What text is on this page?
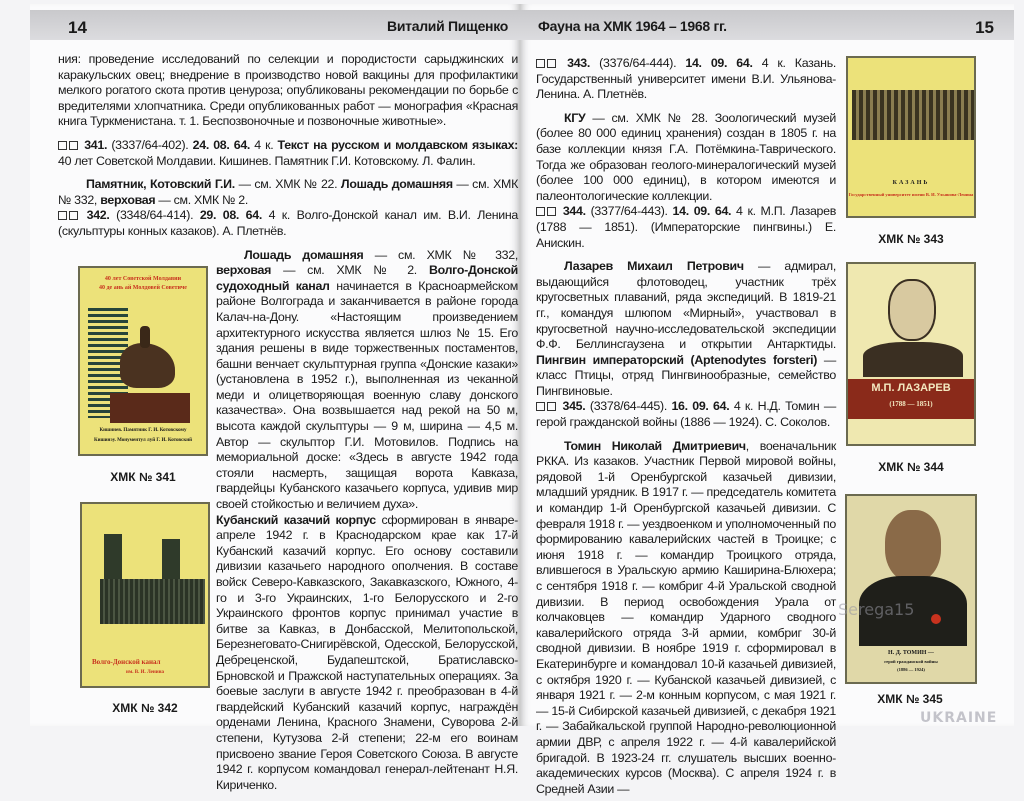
14	Виталий Пищенко

ния: проведение исследований по селекции и породистости сарыджинских и каракульских овец; внедрение в производство новой вакцины для профилактики мелкого рогатого скота против ценуроза; опубликованы рекомендации по борьбе с вредителями хлопчатника. Среди опубликованных работ — монография «Красная книга Туркменистана. т. 1. Беспозвоночные и позвоночные животные».

341. (3337/64-402). 24. 08. 64. 4 к. Текст на русском и молдавском языках: 40 лет Советской Молдавии. Кишинев. Памятник Г.И. Котовскому. Л. Фалин.

Памятник, Котовский Г.И. — см. ХМК № 22. Лошадь домашняя — см. ХМК № 332, верховая — см. ХМК № 2.

342. (3348/64-414). 29. 08. 64. 4 к. Волго-Донской канал им. В.И. Ленина (скульптуры конных казаков). А. Плетнёв.

Лошадь домашняя — см. ХМК № 332, верховая — см. ХМК № 2. Волго-Донской судоходный канал начинается в Красноармейском районе Волгограда и заканчивается в районе города Калач-на-Дону. «Настоящим произведением архитектурного искусства является шлюз № 15. Его здания решены в виде торжественных постаментов, башни венчает скульптурная группа «Донские казаки» (установлена в 1952 г.), выполненная из чеканной меди и олицетворяющая военную славу донского казачества». Она возвышается над рекой на 50 м, высота каждой скульптуры — 9 м, ширина — 4,5 м. Автор — скульптор Г.И. Мотовилов. Подпись на мемориальной доске: «Здесь в августе 1942 года стояли насмерть, защищая ворота Кавказа, гвардейцы Кубанского казачьего корпуса, удивив мир своей стойкостью и величием духа».

Кубанский казачий корпус сформирован в январе-апреле 1942 г. в Краснодарском крае как 17-й Кубанский казачий корпус. Его основу составили дивизии казачьего народного ополчения. В составе войск Северо-Кавказского, Закавказского, Южного, 4-го и 3-го Украинских, 1-го Белорусского и 2-го Украинского фронтов корпус принимал участие в битве за Кавказ, в Донбасской, Мелитопольской, Березнеговато-Снигирёвской, Одесской, Белорусской, Дебреценской, Будапештской, Братиславско-Брновской и Пражской наступательных операциях. За боевые заслуги в августе 1942 г. преобразован в 4-й гвардейский Кубанский казачий корпус, награждён орденами Ленина, Красного Знамени, Суворова 2-й степени, Кутузова 2-й степени; 22-м его воинам присвоено звание Героя Советского Союза. В августе 1942 г. корпусом командовал генерал-лейтенант Н.Я. Кириченко.

40 лет Советской Молдавии
40 де ань ай Молдовей Советиче
Кишинев. Памятник Г. И. Котовскому
Кишинэу. Монументул луй Г. И. Котовский
ХМК № 341
Волго-Донской канал
им. В. И. Ленина
ХМК № 342
Фауна на ХМК 1964 – 1968 гг.	15

343. (3376/64-444). 14. 09. 64. 4 к. Казань. Государственный университет имени В.И. Ульянова-Ленина. А. Плетнёв.

КГУ — см. ХМК № 28. Зоологический музей (более 80 000 единиц хранения) создан в 1805 г. на базе коллекции князя Г.А. Потёмкина-Таврического. Тогда же образован геолого-минералогический музей (более 100 000 единиц), в котором имеются и палеонтологические коллекции.

344. (3377/64-443). 14. 09. 64. 4 к. М.П. Лазарев (1788 — 1851). (Императорские пингвины.) Е. Анискин.

Лазарев Михаил Петрович — адмирал, выдающийся флотоводец, участник трёх кругосветных плаваний, ряда экспедиций. В 1819-21 гг., командуя шлюпом «Мирный», участвовал в кругосветной научно-исследовательской экспедиции Ф.Ф. Беллинсгаузена и открытии Антарктиды. Пингвин императорский (Aptenodytes forsteri) — класс Птицы, отряд Пингвинообразные, семейство Пингвиновые.

345. (3378/64-445). 16. 09. 64. 4 к. Н.Д. Томин — герой гражданской войны (1886 — 1924). С. Соколов.

Томин Николай Дмитриевич, военачальник РККА. Из казаков. Участник Первой мировой войны, рядовой 1-й Оренбургской казачьей дивизии, младший урядник. В 1917 г. — председатель комитета и командир 1-й Оренбургской казачьей дивизии. С февраля 1918 г. — уездвоенком и уполномоченный по формированию кавалерийских частей в Троицке; с июня 1918 г. — командир Троицкого отряда, влившегося в Уральскую армию Каширина-Блюхера; с сентября 1918 г. — комбриг 4-й Уральской сводной дивизии. В период освобождения Урала от колчаковцев — командир Ударного сводного кавалерийского отряда 3-й армии, комбриг 30-й сводной дивизии. В ноябре 1919 г. сформировал в Екатеринбурге и командовал 10-й казачьей дивизией, с октября 1920 г. — Кубанской казачьей дивизией, с января 1921 г. — 2-м конным корпусом, с мая 1921 г. — 15-й Сибирской казачьей дивизией, с декабря 1921 г. — Забайкальской группой Народно-революционной армии ДВР, с апреля 1922 г. — 4-й кавалерийской бригадой. В 1923-24 гг. слушатель высших военно-академических курсов (Москва). С апреля 1924 г. в Средней Азии —

КАЗАНЬ
Государственный университет имени В. И. Ульянова-Ленина
ХМК № 343
М.П. ЛАЗАРЕВ
(1788 — 1851)
ХМК № 344
Н. Д. ТОМИН —
герой гражданской войны
(1886 — 1924)
ХМК № 345
Serega15
UKRAINE
